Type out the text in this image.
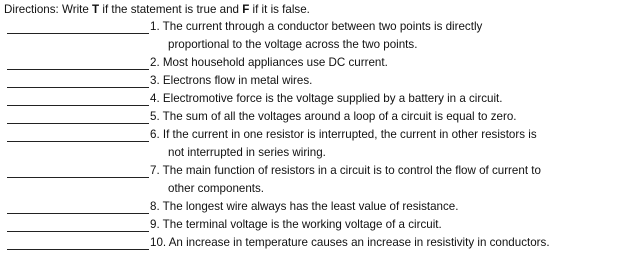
Directions: Write T if the statement is true and F if it is false.
1. The current through a conductor between two points is directly
proportional to the voltage across the two points.
2. Most household appliances use DC current.
3. Electrons flow in metal wires.
4. Electromotive force is the voltage supplied by a battery in a circuit.
5. The sum of all the voltages around a loop of a circuit is equal to zero.
6. If the current in one resistor is interrupted, the current in other resistors is
not interrupted in series wiring.
7. The main function of resistors in a circuit is to control the flow of current to
other components.
8. The longest wire always has the least value of resistance.
9. The terminal voltage is the working voltage of a circuit.
10. An increase in temperature causes an increase in resistivity in conductors.
